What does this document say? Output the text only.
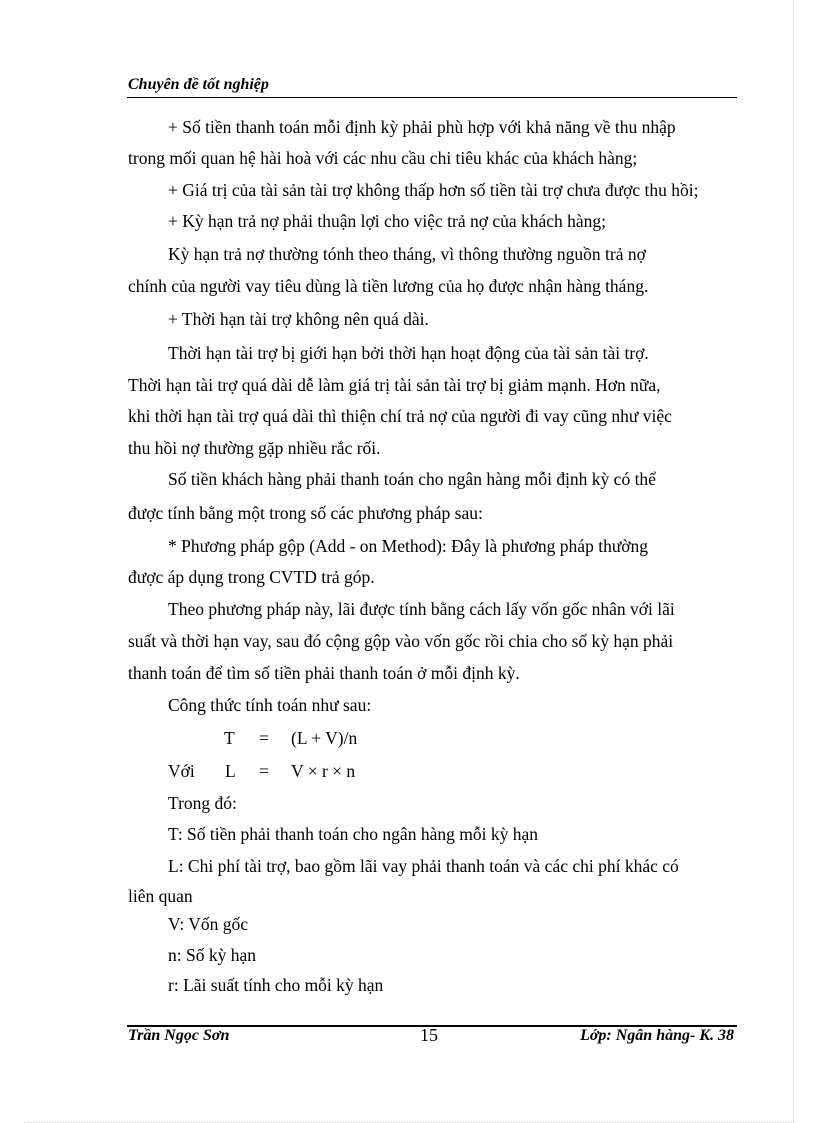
Chuyên đề tốt nghiệp
+ Số tiền thanh toán mỗi định kỳ phải phù hợp với khả năng về thu nhập
trong mối quan hệ hài hoà với các nhu cầu chi tiêu khác của khách hàng;
+ Giá trị của tài sản tài trợ không thấp hơn số tiền tài trợ chưa được thu hồi;
+ Kỳ hạn trả nợ phải thuận lợi cho việc trả nợ của khách hàng;
Kỳ hạn trả nợ thường tónh theo tháng, vì thông thường nguồn trả nợ
chính của người vay tiêu dùng là tiền lương của họ được nhận hàng tháng.
+ Thời hạn tài trợ không nên quá dài.
Thời hạn tài trợ bị giới hạn bởi thời hạn hoạt động của tài sản tài trợ.
Thời hạn tài trợ quá dài dễ làm giá trị tài sản tài trợ bị giảm mạnh. Hơn nữa,
khi thời hạn tài trợ quá dài thì thiện chí trả nợ của người đi vay cũng như việc
thu hồi nợ thường gặp nhiều rắc rối.
Số tiền khách hàng phải thanh toán cho ngân hàng mỗi định kỳ có thể
được tính bằng một trong số các phương pháp sau:
* Phương pháp gộp (Add - on Method): Đây là phương pháp thường
được áp dụng trong CVTD trả góp.
Theo phương pháp này, lãi được tính bằng cách lấy vốn gốc nhân với lãi
suất và thời hạn vay, sau đó cộng gộp vào vốn gốc rồi chia cho số kỳ hạn phải
thanh toán để tìm số tiền phải thanh toán ở mỗi định kỳ.
Công thức tính toán như sau:
T = (L + V)/n
Với L = V × r × n
Trong đó:
T: Số tiền phải thanh toán cho ngân hàng mỗi kỳ hạn
L: Chi phí tài trợ, bao gồm lãi vay phải thanh toán và các chi phí khác có
liên quan
V: Vốn gốc
n: Số kỳ hạn
r: Lãi suất tính cho mỗi kỳ hạn
Trần Ngọc Sơn	15	Lớp: Ngân hàng- K. 38
